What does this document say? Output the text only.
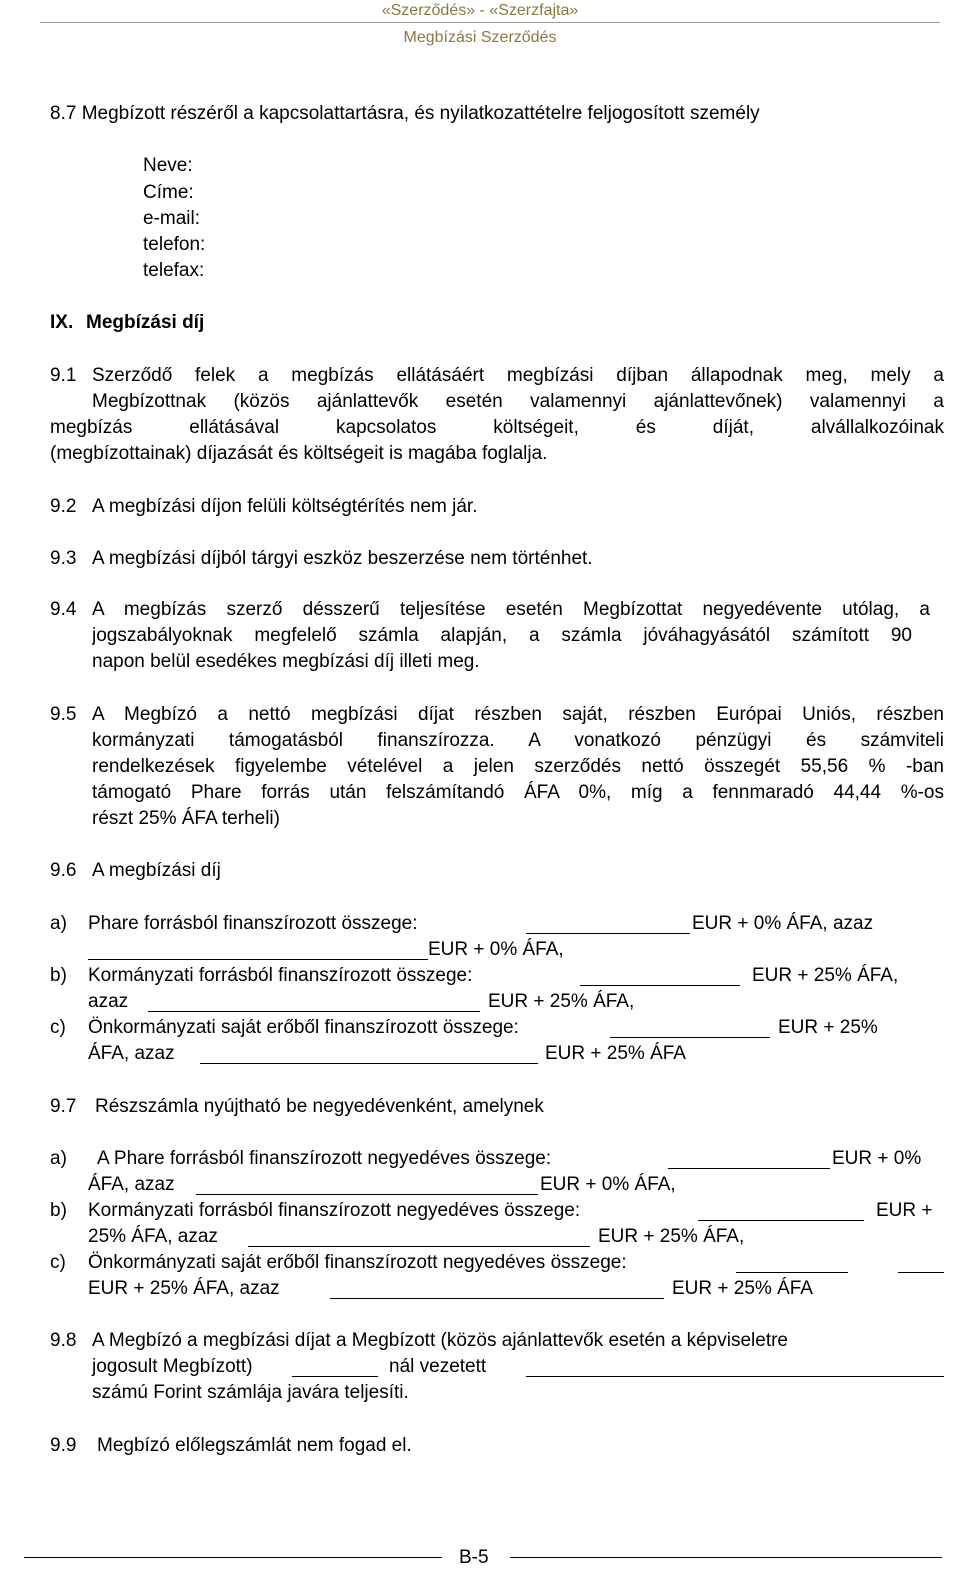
«Szerződés» - «Szerzfajta»
Megbízási Szerződés
8.7 Megbízott részéről a kapcsolattartásra, és nyilatkozattételre feljogosított személy
Neve:
Címe:
e-mail:
telefon:
telefax:
IX. Megbízási díj
9.1 Szerződő felek a megbízás ellátásáért megbízási díjban állapodnak meg, mely a
Megbízottnak (közös ajánlattevők esetén valamennyi ajánlattevőnek) valamennyi a
megbízás ellátásával kapcsolatos költségeit, és díját, alvállalkozóinak
(megbízottainak) díjazását és költségeit is magába foglalja.
9.2 A megbízási díjon felüli költségtérítés nem jár.
9.3 A megbízási díjból tárgyi eszköz beszerzése nem történhet.
9.4 A megbízás szerző désszerű teljesítése esetén Megbízottat negyedévente utólag, a
jogszabályoknak megfelelő számla alapján, a számla jóváhagyásától számított 90
napon belül esedékes megbízási díj illeti meg.
9.5 A Megbízó a nettó megbízási díjat részben saját, részben Európai Uniós, részben
kormányzati támogatásból finanszírozza. A vonatkozó pénzügyi és számviteli
rendelkezések figyelembe vételével a jelen szerződés nettó összegét 55,56 % -ban
támogató Phare forrás után felszámítandó ÁFA 0%, míg a fennmaradó 44,44 %-os
részt 25% ÁFA terheli)
9.6 A megbízási díj
a) Phare forrásból finanszírozott összege:	EUR + 0% ÁFA, azaz
EUR + 0% ÁFA,
b) Kormányzati forrásból finanszírozott összege:	EUR + 25% ÁFA,
azaz	EUR + 25% ÁFA,
c) Önkormányzati saját erőből finanszírozott összege:	EUR + 25%
ÁFA, azaz	EUR + 25% ÁFA
9.7 Részszámla nyújtható be negyedévenként, amelynek
a) A Phare forrásból finanszírozott negyedéves összege:	EUR + 0%
ÁFA, azaz	EUR + 0% ÁFA,
b) Kormányzati forrásból finanszírozott negyedéves összege:	EUR +
25% ÁFA, azaz	EUR + 25% ÁFA,
c) Önkormányzati saját erőből finanszírozott negyedéves összege:
EUR + 25% ÁFA, azaz	EUR + 25% ÁFA
9.8 A Megbízó a megbízási díjat a Megbízott (közös ajánlattevők esetén a képviseletre
jogosult Megbízott)	nál vezetett
számú Forint számlája javára teljesíti.
9.9 Megbízó előlegszámlát nem fogad el.
B-5
